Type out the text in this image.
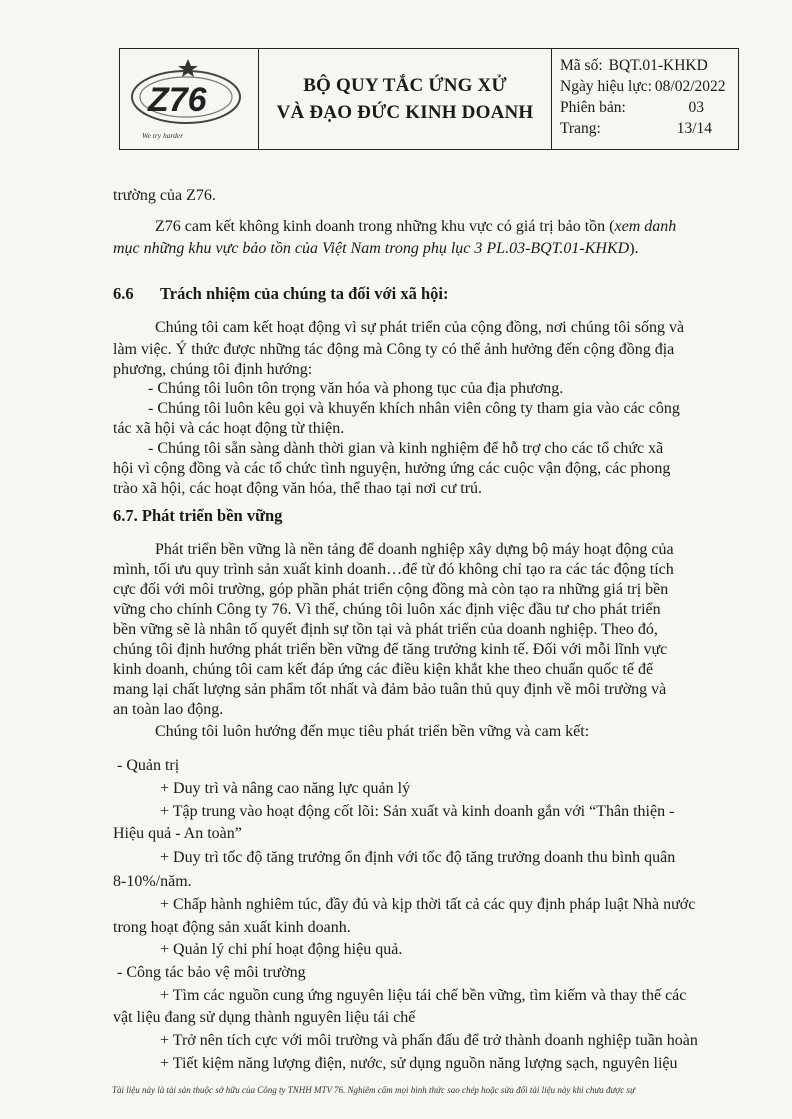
Z76
We try harder
BỘ QUY TẮC ỨNG XỬ
VÀ ĐẠO ĐỨC KINH DOANH
Mã số: BQT.01-KHKD
Ngày hiệu lực: 08/02/2022
Phiên bản:	03
Trang:	13/14
trường của Z76.
Z76 cam kết không kinh doanh trong những khu vực có giá trị bảo tồn (xem danh
mục những khu vực bảo tồn của Việt Nam trong phụ lục 3 PL.03-BQT.01-KHKD).
6.6 Trách nhiệm của chúng ta đối với xã hội:
Chúng tôi cam kết hoạt động vì sự phát triển của cộng đồng, nơi chúng tôi sống và
làm việc. Ý thức được những tác động mà Công ty có thể ảnh hưởng đến cộng đồng địa
phương, chúng tôi định hướng:
- Chúng tôi luôn tôn trọng văn hóa và phong tục của địa phương.
- Chúng tôi luôn kêu gọi và khuyến khích nhân viên công ty tham gia vào các công
tác xã hội và các hoạt động từ thiện.
- Chúng tôi sẵn sàng dành thời gian và kinh nghiệm để hỗ trợ cho các tổ chức xã
hội vì cộng đồng và các tổ chức tình nguyện, hưởng ứng các cuộc vận động, các phong
trào xã hội, các hoạt động văn hóa, thể thao tại nơi cư trú.
6.7. Phát triển bền vững
Phát triển bền vững là nền tảng để doanh nghiệp xây dựng bộ máy hoạt động của
mình, tối ưu quy trình sản xuất kinh doanh…để từ đó không chỉ tạo ra các tác động tích
cực đối với môi trường, góp phần phát triển cộng đồng mà còn tạo ra những giá trị bền
vững cho chính Công ty 76. Vì thế, chúng tôi luôn xác định việc đầu tư cho phát triển
bền vững sẽ là nhân tố quyết định sự tồn tại và phát triển của doanh nghiệp. Theo đó,
chúng tôi định hướng phát triển bền vững để tăng trưởng kinh tế. Đối với mỗi lĩnh vực
kinh doanh, chúng tôi cam kết đáp ứng các điều kiện khắt khe theo chuẩn quốc tế để
mang lại chất lượng sản phẩm tốt nhất và đảm bảo tuân thủ quy định về môi trường và
an toàn lao động.
Chúng tôi luôn hướng đến mục tiêu phát triển bền vững và cam kết:
- Quản trị
+ Duy trì và nâng cao năng lực quản lý
+ Tập trung vào hoạt động cốt lõi: Sản xuất và kinh doanh gắn với “Thân thiện -
Hiệu quả - An toàn”
+ Duy trì tốc độ tăng trưởng ổn định với tốc độ tăng trưởng doanh thu bình quân
8-10%/năm.
+ Chấp hành nghiêm túc, đầy đủ và kịp thời tất cả các quy định pháp luật Nhà nước
trong hoạt động sản xuất kinh doanh.
+ Quản lý chi phí hoạt động hiệu quả.
- Công tác bảo vệ môi trường
+ Tìm các nguồn cung ứng nguyên liệu tái chế bền vững, tìm kiếm và thay thế các
vật liệu đang sử dụng thành nguyên liệu tái chế
+ Trở nên tích cực với môi trường và phấn đấu để trở thành doanh nghiệp tuần hoàn
+ Tiết kiệm năng lượng điện, nước, sử dụng nguồn năng lượng sạch, nguyên liệu
Tài liệu này là tài sản thuộc sở hữu của Công ty TNHH MTV 76. Nghiêm cấm mọi hình thức sao chép hoặc sửa đổi tài liệu này khi chưa được sự
